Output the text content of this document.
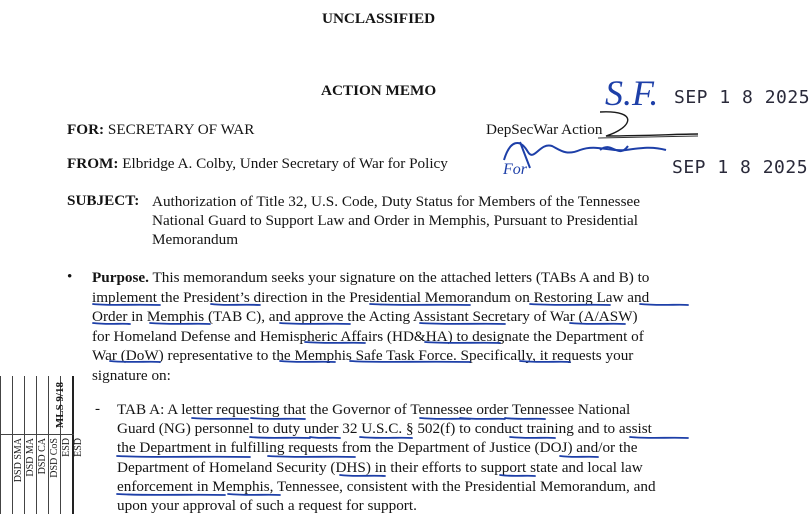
UNCLASSIFIED
ACTION MEMO	SEP 1 8 2025
SEP 1 8 2025
S.F.
FOR: SECRETARY OF WAR	DepSecWar Action
FROM: Elbridge A. Colby, Under Secretary of War for Policy	For
SUBJECT: Authorization of Title 32, U.S. Code, Duty Status for Members of the Tennessee
National Guard to Support Law and Order in Memphis, Pursuant to Presidential
Memorandum
• Purpose. This memorandum seeks your signature on the attached letters (TABs A and B) to
implement the President’s direction in the Presidential Memorandum on Restoring Law and
Order in Memphis (TAB C), and approve the Acting Assistant Secretary of War (A/ASW)
for Homeland Defense and Hemispheric Affairs (HD&HA) to designate the Department of
War (DoW) representative to the Memphis Safe Task Force. Specifically, it requests your
signature on:
- TAB A: A letter requesting that the Governor of Tennessee order Tennessee National
Guard (NG) personnel to duty under 32 U.S.C. § 502(f) to conduct training and to assist
the Department in fulfilling requests from the Department of Justice (DOJ) and/or the
Department of Homeland Security (DHS) in their efforts to support state and local law
enforcement in Memphis, Tennessee, consistent with the Presidential Memorandum, and
upon your approval of such a request for support.
DSD SMA DSD MA DSD CA DSD CoS ESD ESD
MLS 9/18
